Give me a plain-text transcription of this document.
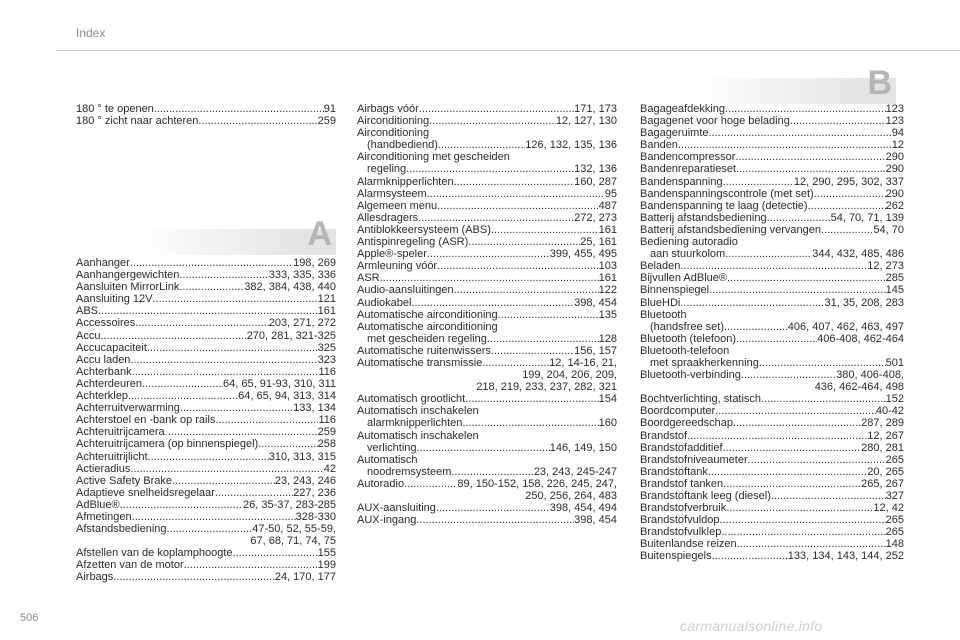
Index
A
B
180 ° te openen .....	91
180 ° zicht naar achteren .....	259
Aanhanger .....	198, 269
Aanhangergewichten .....	333, 335, 336
Aansluiten MirrorLink .....	382, 384, 438, 440
Aansluiting 12V .....	121
ABS .....	161
Accessoires .....	203, 271, 272
Accu .....	270, 281, 321-325
Accucapaciteit .....	325
Accu laden .....	323
Achterbank .....	116
Achterdeuren .....	64, 65, 91-93, 310, 311
Achterklep .....	64, 65, 94, 313, 314
Achterruitverwarming .....	133, 134
Achterstoel en -bank op rails .....	116
Achteruitrijcamera .....	259
Achteruitrijcamera (op binnenspiegel) .....	258
Achteruitrijlicht .....	310, 313, 315
Actieradius .....	42
Active Safety Brake .....	23, 243, 246
Adaptieve snelheidsregelaar .....	227, 236
AdBlue® .....	26, 35-37, 283-285
Afmetingen .....	328-330
Afstandsbediening .....	47-50, 52, 55-59,
67, 68, 71, 74, 75
Afstellen van de koplamphoogte .....	155
Afzetten van de motor .....	199
Airbags .....	24, 170, 177
Airbags vóór .....	171, 173
Airconditioning .....	12, 127, 130
Airconditioning
(handbediend) .....	126, 132, 135, 136
Airconditioning met gescheiden
regeling .....	132, 136
Alarmknipperlichten .....	160, 287
Alarmsysteem .....	95
Algemeen menu .....	487
Allesdragers .....	272, 273
Antiblokkeersysteem (ABS) .....	161
Antispinregeling (ASR) .....	25, 161
Apple®-speler .....	399, 455, 495
Armleuning vóór .....	103
ASR .....	161
Audio-aansluitingen .....	122
Audiokabel .....	398, 454
Automatische airconditioning .....	135
Automatische airconditioning
met gescheiden regeling .....	128
Automatische ruitenwissers .....	156, 157
Automatische transmissie .....	12, 14-16, 21,
199, 204, 206, 209,
218, 219, 233, 237, 282, 321
Automatisch grootlicht .....	154
Automatisch inschakelen
alarmknipperlichten .....	160
Automatisch inschakelen
verlichting .....	146, 149, 150
Automatisch
noodremsysteem .....	23, 243, 245-247
Autoradio .....	89, 150-152, 158, 226, 245, 247,
250, 256, 264, 483
AUX-aansluiting .....	398, 454, 494
AUX-ingang .....	398, 454
Bagageafdekking .....	123
Bagagenet voor hoge belading .....	123
Bagageruimte .....	94
Banden .....	12
Bandencompressor .....	290
Bandenreparatieset .....	290
Bandenspanning .....	12, 290, 295, 302, 337
Bandenspanningscontrole (met set) .....	290
Bandenspanning te laag (detectie) .....	262
Batterij afstandsbediening .....	54, 70, 71, 139
Batterij afstandsbediening vervangen .....	54, 70
Bediening autoradio
aan stuurkolom .....	344, 432, 485, 486
Beladen .....	12, 273
Bijvullen AdBlue® .....	285
Binnenspiegel .....	145
BlueHDi .....	31, 35, 208, 283
Bluetooth
(handsfree set) .....	406, 407, 462, 463, 497
Bluetooth (telefoon) .....	406-408, 462-464
Bluetooth-telefoon
met spraakherkenning .....	501
Bluetooth-verbinding .....	380, 406-408,
436, 462-464, 498
Bochtverlichting, statisch .....	152
Boordcomputer .....	40-42
Boordgereedschap .....	287, 289
Brandstof .....	12, 267
Brandstofadditief .....	280, 281
Brandstofniveaumeter .....	265
Brandstoftank .....	20, 265
Brandstof tanken .....	265, 267
Brandstoftank leeg (diesel) .....	327
Brandstofverbruik .....	12, 42
Brandstofvuldop .....	265
Brandstofvulklep .....	265
Buitenlandse reizen .....	148
Buitenspiegels .....	133, 134, 143, 144, 252
506	carmanualsonline.info
